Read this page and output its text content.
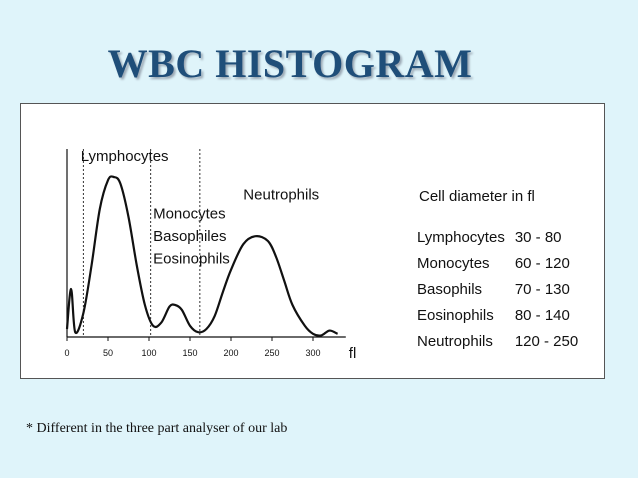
WBC HISTOGRAM
0	50	100	150	200	250	300 fl
Lymphocytes
Monocytes
Basophiles
Eosinophils
Neutrophils	Cell diameter in fl
Lymphocytes	30 - 80
Monocytes	60 - 120
Basophils	70 - 130
Eosinophils	80 - 140
Neutrophils	120 - 250
* Different in the three part analyser of our lab
